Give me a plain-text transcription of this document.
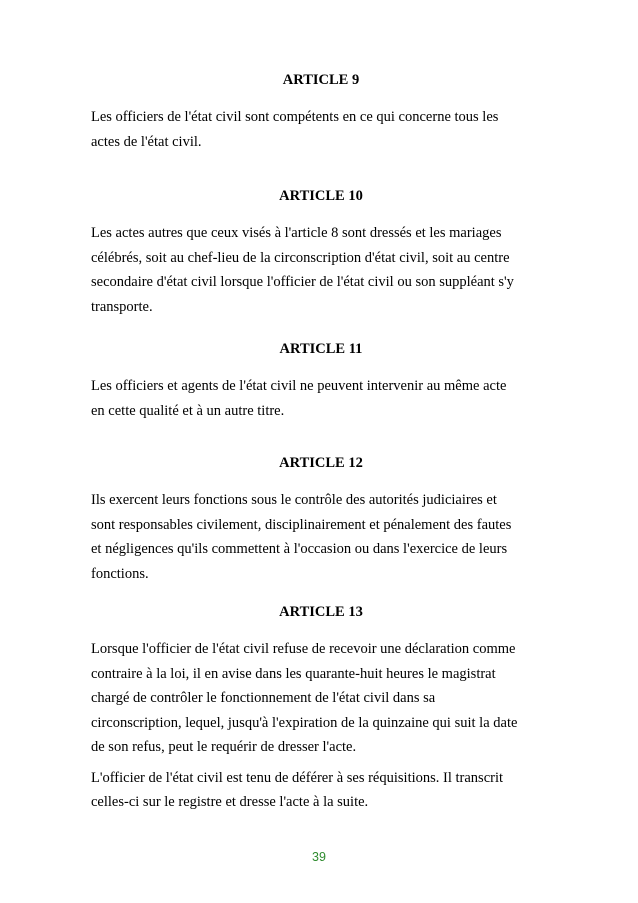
ARTICLE 9
Les officiers de l'état civil sont compétents en ce qui concerne tous les
actes de l'état civil.
ARTICLE 10
Les actes autres que ceux visés à l'article 8 sont dressés et les mariages
célébrés, soit au chef-lieu de la circonscription d'état civil, soit au centre
secondaire d'état civil lorsque l'officier de l'état civil ou son suppléant s'y
transporte.
ARTICLE 11
Les officiers et agents de l'état civil ne peuvent intervenir au même acte
en cette qualité et à un autre titre.
ARTICLE 12
Ils exercent leurs fonctions sous le contrôle des autorités judiciaires et
sont responsables civilement, disciplinairement et pénalement des fautes
et négligences qu'ils commettent à l'occasion ou dans l'exercice de leurs
fonctions.
ARTICLE 13
Lorsque l'officier de l'état civil refuse de recevoir une déclaration comme
contraire à la loi, il en avise dans les quarante-huit heures le magistrat
chargé de contrôler le fonctionnement de l'état civil dans sa
circonscription, lequel, jusqu'à l'expiration de la quinzaine qui suit la date
de son refus, peut le requérir de dresser l'acte.
L'officier de l'état civil est tenu de déférer à ses réquisitions. Il transcrit
celles-ci sur le registre et dresse l'acte à la suite.
39
